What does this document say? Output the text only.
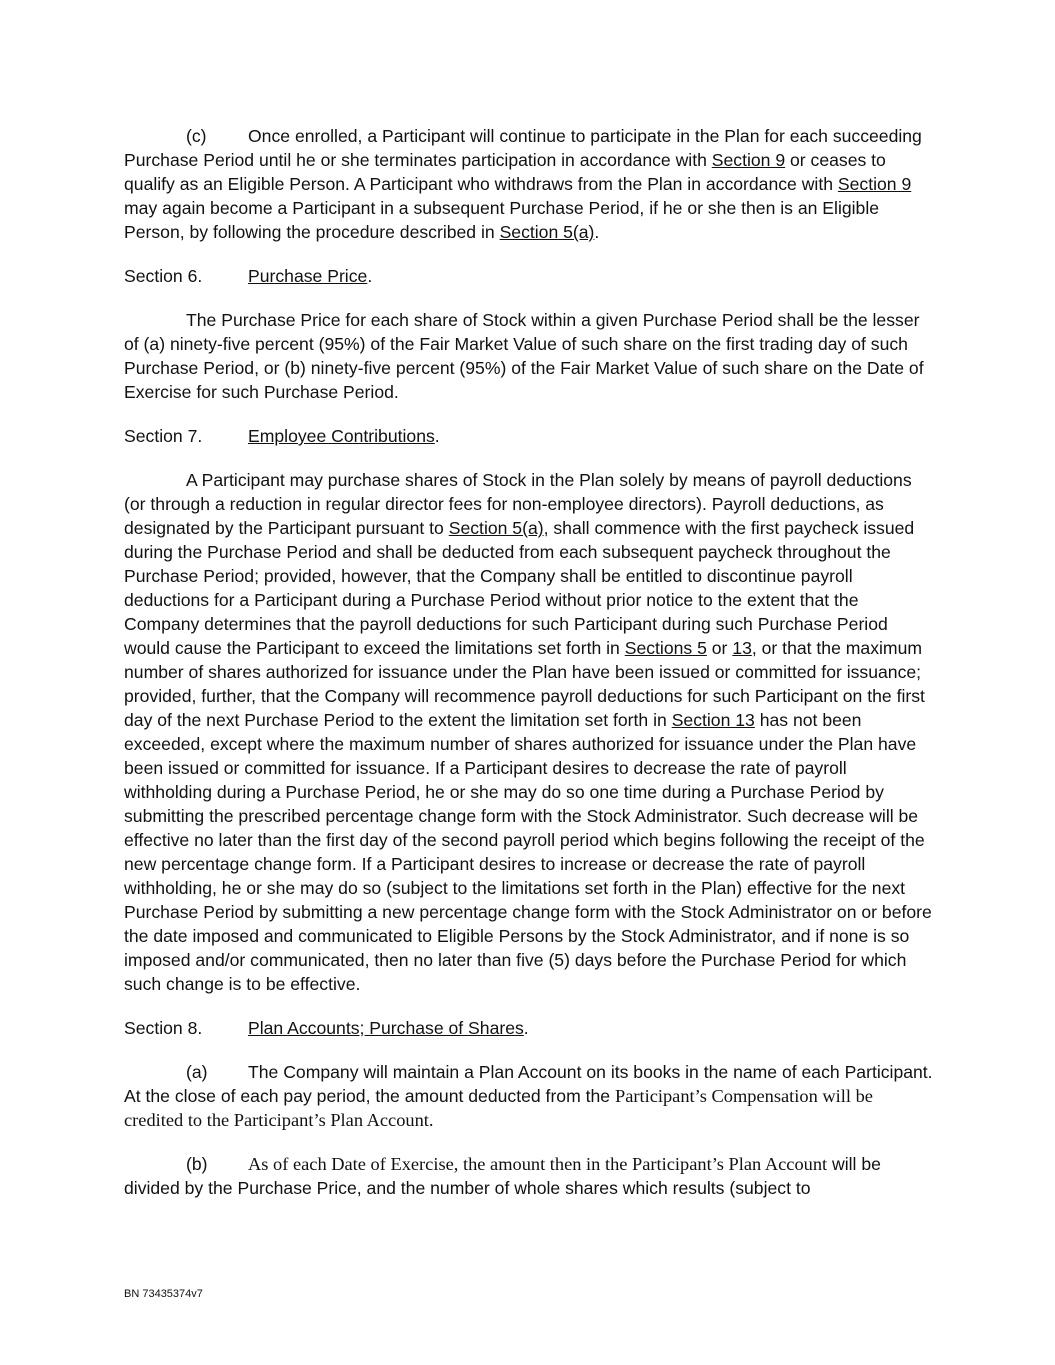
(c) Once enrolled, a Participant will continue to participate in the Plan for each succeeding Purchase Period until he or she terminates participation in accordance with Section 9 or ceases to qualify as an Eligible Person. A Participant who withdraws from the Plan in accordance with Section 9 may again become a Participant in a subsequent Purchase Period, if he or she then is an Eligible Person, by following the procedure described in Section 5(a).

Section 6.	Purchase Price.

The Purchase Price for each share of Stock within a given Purchase Period shall be the lesser of (a) ninety-five percent (95%) of the Fair Market Value of such share on the first trading day of such Purchase Period, or (b) ninety-five percent (95%) of the Fair Market Value of such share on the Date of Exercise for such Purchase Period.

Section 7.	Employee Contributions.

A Participant may purchase shares of Stock in the Plan solely by means of payroll deductions (or through a reduction in regular director fees for non-employee directors). Payroll deductions, as designated by the Participant pursuant to Section 5(a), shall commence with the first paycheck issued during the Purchase Period and shall be deducted from each subsequent paycheck throughout the Purchase Period; provided, however, that the Company shall be entitled to discontinue payroll deductions for a Participant during a Purchase Period without prior notice to the extent that the Company determines that the payroll deductions for such Participant during such Purchase Period would cause the Participant to exceed the limitations set forth in Sections 5 or 13, or that the maximum number of shares authorized for issuance under the Plan have been issued or committed for issuance; provided, further, that the Company will recommence payroll deductions for such Participant on the first day of the next Purchase Period to the extent the limitation set forth in Section 13 has not been exceeded, except where the maximum number of shares authorized for issuance under the Plan have been issued or committed for issuance. If a Participant desires to decrease the rate of payroll withholding during a Purchase Period, he or she may do so one time during a Purchase Period by submitting the prescribed percentage change form with the Stock Administrator. Such decrease will be effective no later than the first day of the second payroll period which begins following the receipt of the new percentage change form. If a Participant desires to increase or decrease the rate of payroll withholding, he or she may do so (subject to the limitations set forth in the Plan) effective for the next Purchase Period by submitting a new percentage change form with the Stock Administrator on or before the date imposed and communicated to Eligible Persons by the Stock Administrator, and if none is so imposed and/or communicated, then no later than five (5) days before the Purchase Period for which such change is to be effective.

Section 8.	Plan Accounts; Purchase of Shares.

(a) The Company will maintain a Plan Account on its books in the name of each Participant. At the close of each pay period, the amount deducted from the Participant’s Compensation will be credited to the Participant’s Plan Account.

(b) As of each Date of Exercise, the amount then in the Participant’s Plan Account will be divided by the Purchase Price, and the number of whole shares which results (subject to

BN 73435374v7
